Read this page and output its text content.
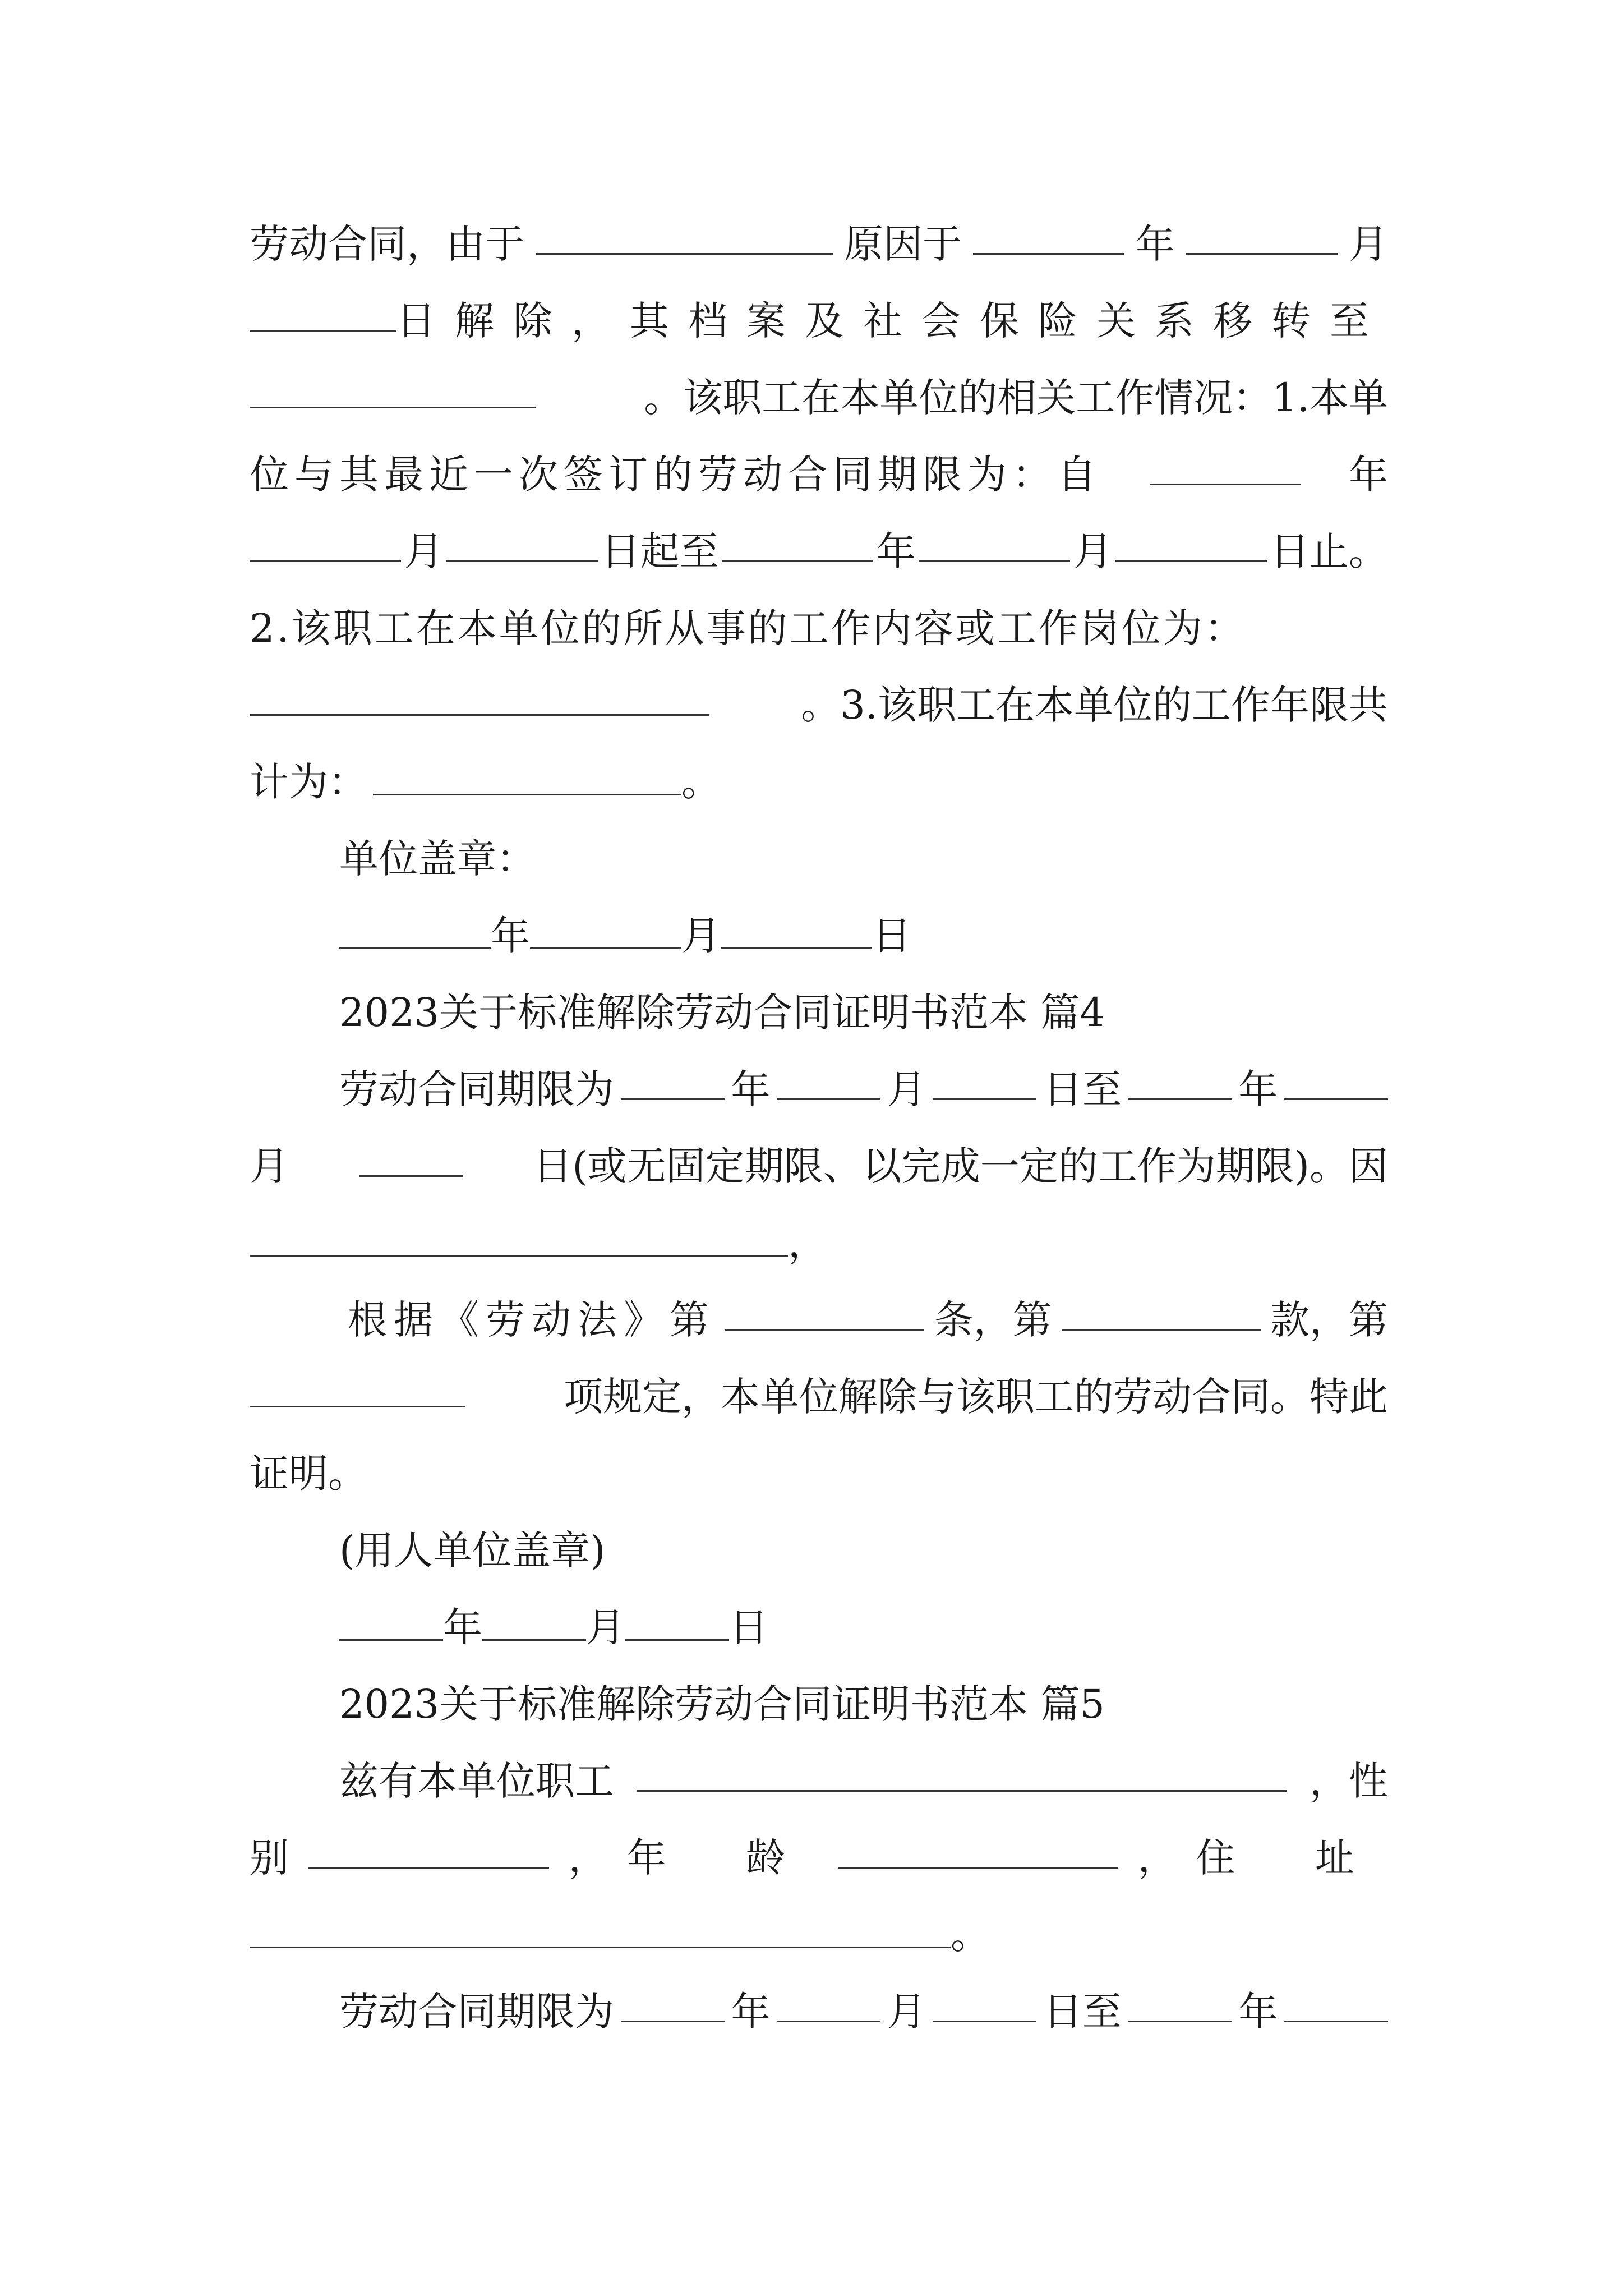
劳动合同，由于	原因于	年	月
日解除，其档案及社会保险关系移转至
。该职工在本单位的相关工作情况：1.本单
位与其最近一次签订的劳动合同期限为：自	年
月	日起至	年	月	日止。
2.该职工在本单位的所从事的工作内容或工作岗位为：
。3.该职工在本单位的工作年限共
计为：	。
单位盖章：
年	月	日
2023关于标准解除劳动合同证明书范本 篇4
劳动合同期限为	年	月	日至	年
月	日(或无固定期限、以完成一定的工作为期限)。因
，
根据《劳动法》第	条，第	款，第
项规定，本单位解除与该职工的劳动合同。特此
证明。
(用人单位盖章)
年	月	日
2023关于标准解除劳动合同证明书范本 篇5
兹有本单位职工	，性
别	， 年 龄	， 住 址
。
劳动合同期限为	年	月	日至	年
